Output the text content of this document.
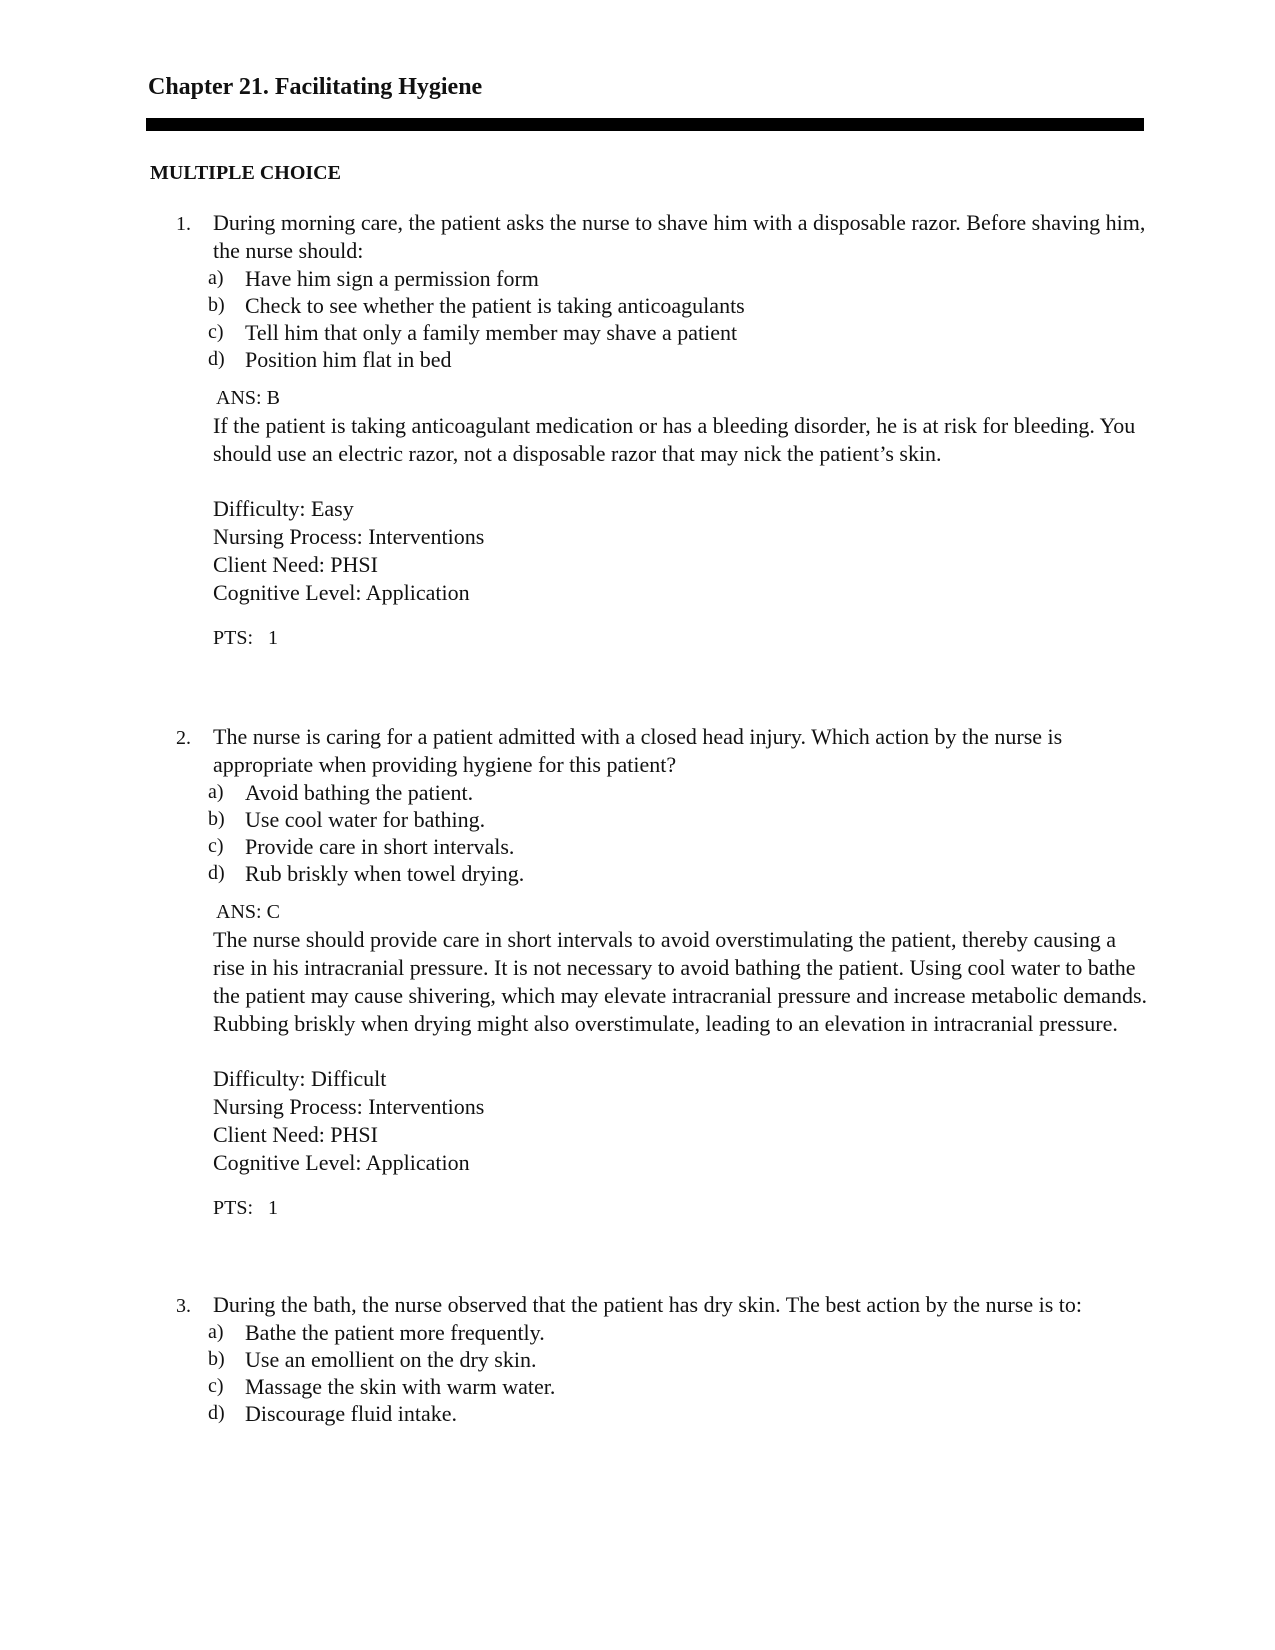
Chapter 21. Facilitating Hygiene
MULTIPLE CHOICE
1. During morning care, the patient asks the nurse to shave him with a disposable razor. Before shaving him, the nurse should:
a) Have him sign a permission form
b) Check to see whether the patient is taking anticoagulants
c) Tell him that only a family member may shave a patient
d) Position him flat in bed
ANS: B
If the patient is taking anticoagulant medication or has a bleeding disorder, he is at risk for bleeding. You should use an electric razor, not a disposable razor that may nick the patient’s skin.
Difficulty: Easy
Nursing Process: Interventions
Client Need: PHSI
Cognitive Level: Application
PTS:   1
2. The nurse is caring for a patient admitted with a closed head injury. Which action by the nurse is appropriate when providing hygiene for this patient?
a) Avoid bathing the patient.
b) Use cool water for bathing.
c) Provide care in short intervals.
d) Rub briskly when towel drying.
ANS: C
The nurse should provide care in short intervals to avoid overstimulating the patient, thereby causing a rise in his intracranial pressure. It is not necessary to avoid bathing the patient. Using cool water to bathe the patient may cause shivering, which may elevate intracranial pressure and increase metabolic demands. Rubbing briskly when drying might also overstimulate, leading to an elevation in intracranial pressure.
Difficulty: Difficult
Nursing Process: Interventions
Client Need: PHSI
Cognitive Level: Application
PTS:   1
3. During the bath, the nurse observed that the patient has dry skin. The best action by the nurse is to:
a) Bathe the patient more frequently.
b) Use an emollient on the dry skin.
c) Massage the skin with warm water.
d) Discourage fluid intake.
